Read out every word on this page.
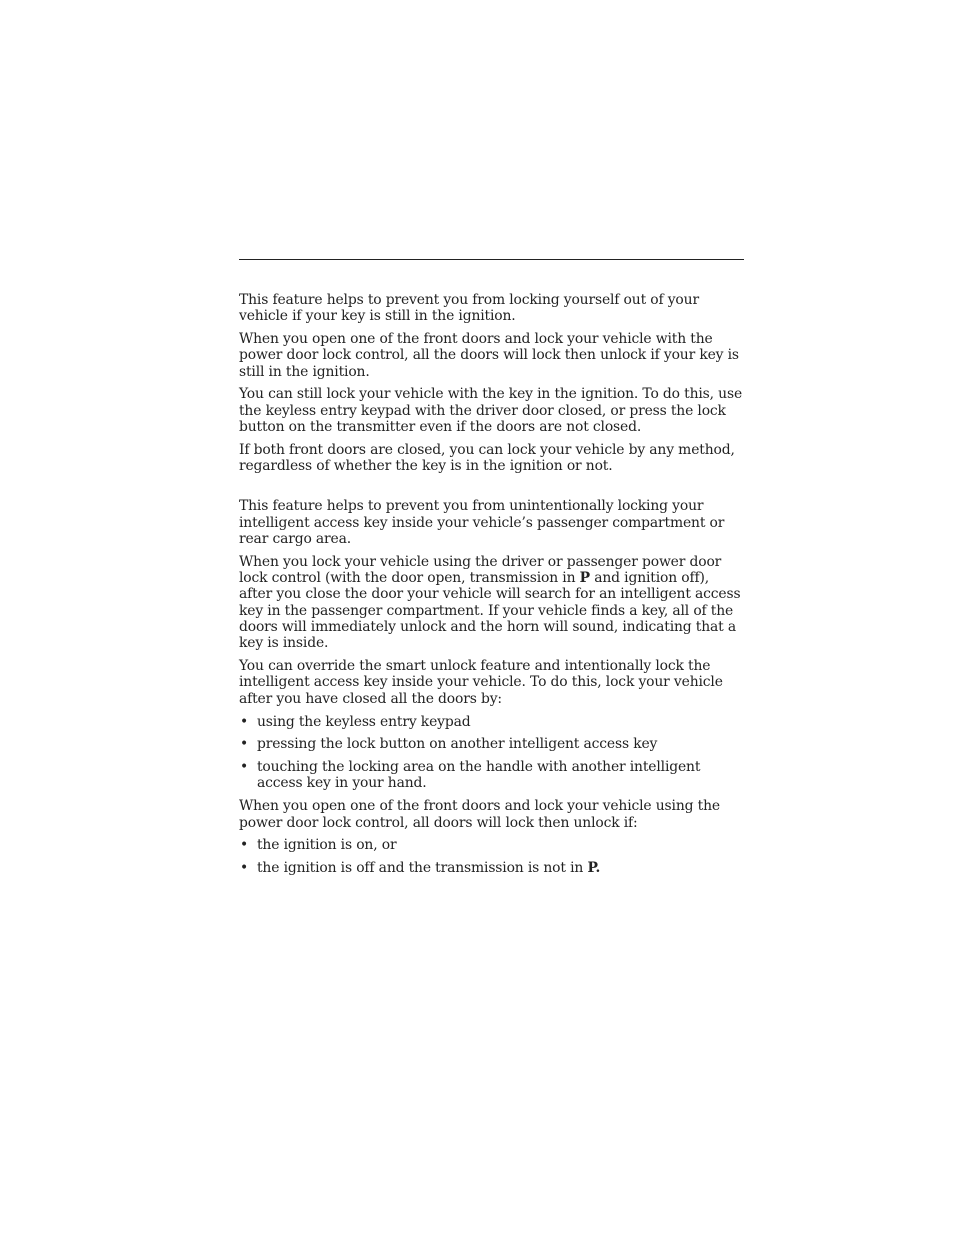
This feature helps to prevent you from locking yourself out of your vehicle if your key is still in the ignition.

When you open one of the front doors and lock your vehicle with the power door lock control, all the doors will lock then unlock if your key is still in the ignition.

You can still lock your vehicle with the key in the ignition. To do this, use the keyless entry keypad with the driver door closed, or press the lock button on the transmitter even if the doors are not closed.

If both front doors are closed, you can lock your vehicle by any method, regardless of whether the key is in the ignition or not.

This feature helps to prevent you from unintentionally locking your intelligent access key inside your vehicle’s passenger compartment or rear cargo area.

When you lock your vehicle using the driver or passenger power door lock control (with the door open, transmission in P and ignition off), after you close the door your vehicle will search for an intelligent access key in the passenger compartment. If your vehicle finds a key, all of the doors will immediately unlock and the horn will sound, indicating that a key is inside.

You can override the smart unlock feature and intentionally lock the intelligent access key inside your vehicle. To do this, lock your vehicle after you have closed all the doors by:

• using the keyless entry keypad
• pressing the lock button on another intelligent access key
• touching the locking area on the handle with another intelligent access key in your hand.

When you open one of the front doors and lock your vehicle using the power door lock control, all doors will lock then unlock if:

• the ignition is on, or
• the ignition is off and the transmission is not in P.
